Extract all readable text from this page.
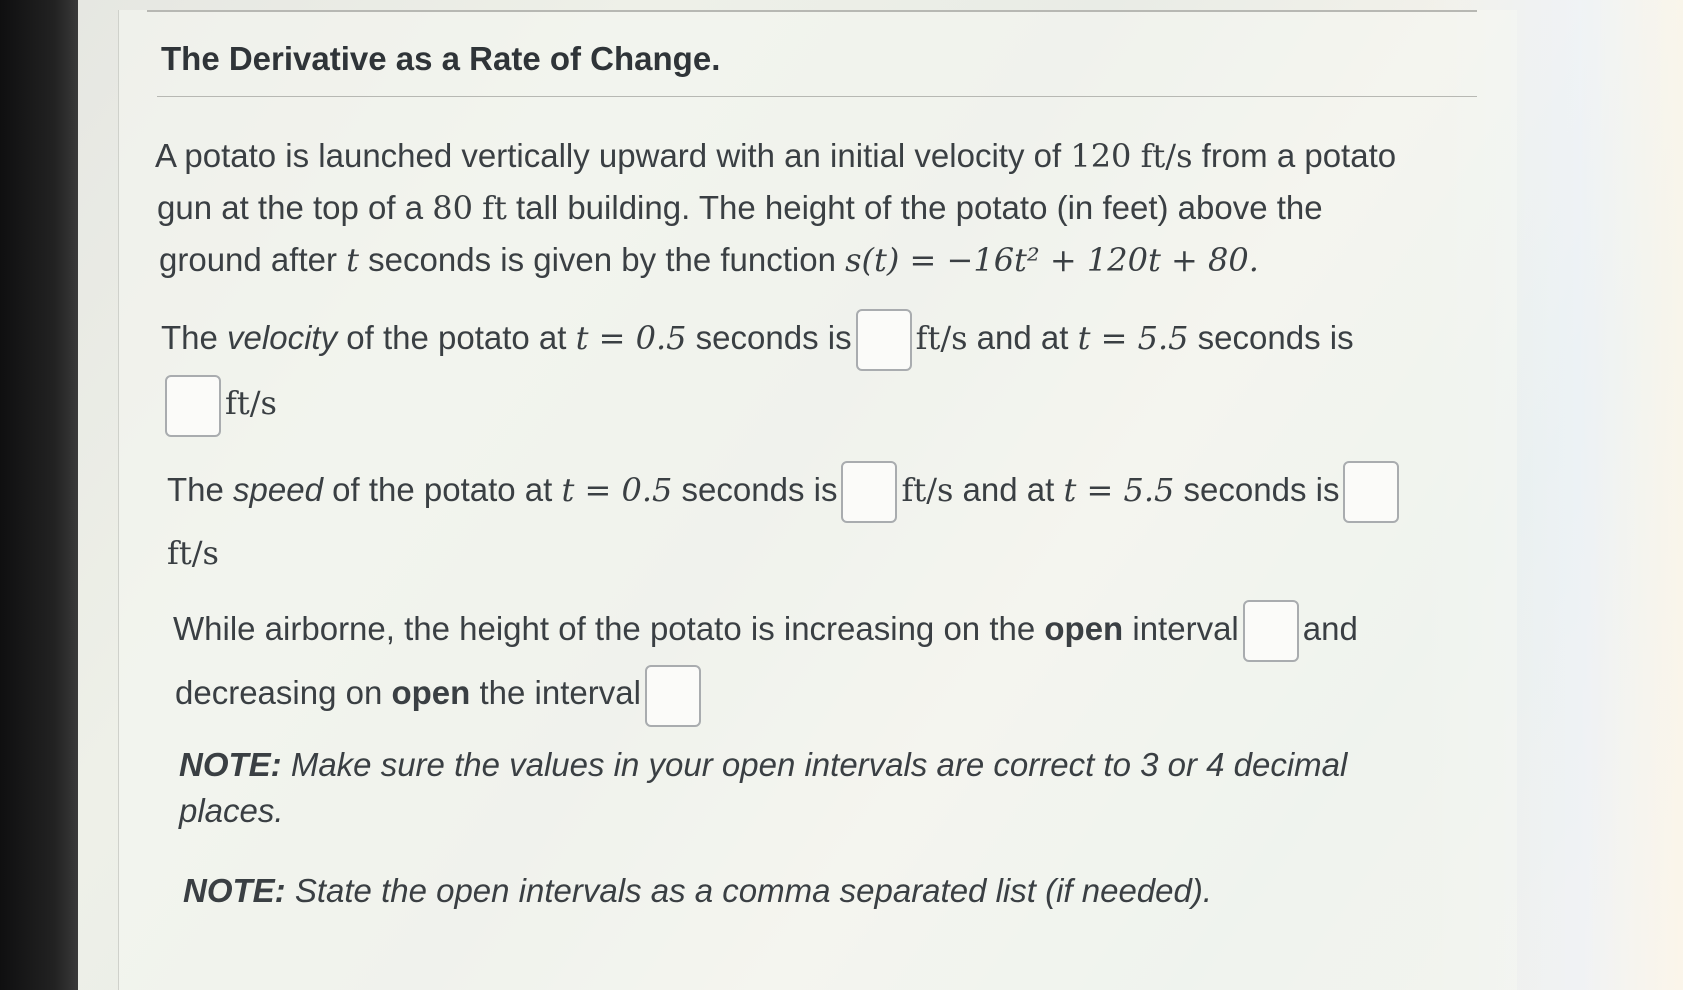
The Derivative as a Rate of Change.
A potato is launched vertically upward with an initial velocity of 120 ft/s from a potato
gun at the top of a 80 ft tall building. The height of the potato (in feet) above the
ground after t seconds is given by the function s(t) = −16t² + 120t + 80.
The velocity of the potato at t = 0.5 seconds is ft/s and at t = 5.5 seconds is
ft/s
The speed of the potato at t = 0.5 seconds is ft/s and at t = 5.5 seconds is
ft/s
While airborne, the height of the potato is increasing on the open interval and
decreasing on open the interval
NOTE: Make sure the values in your open intervals are correct to 3 or 4 decimal
places.
NOTE: State the open intervals as a comma separated list (if needed).
